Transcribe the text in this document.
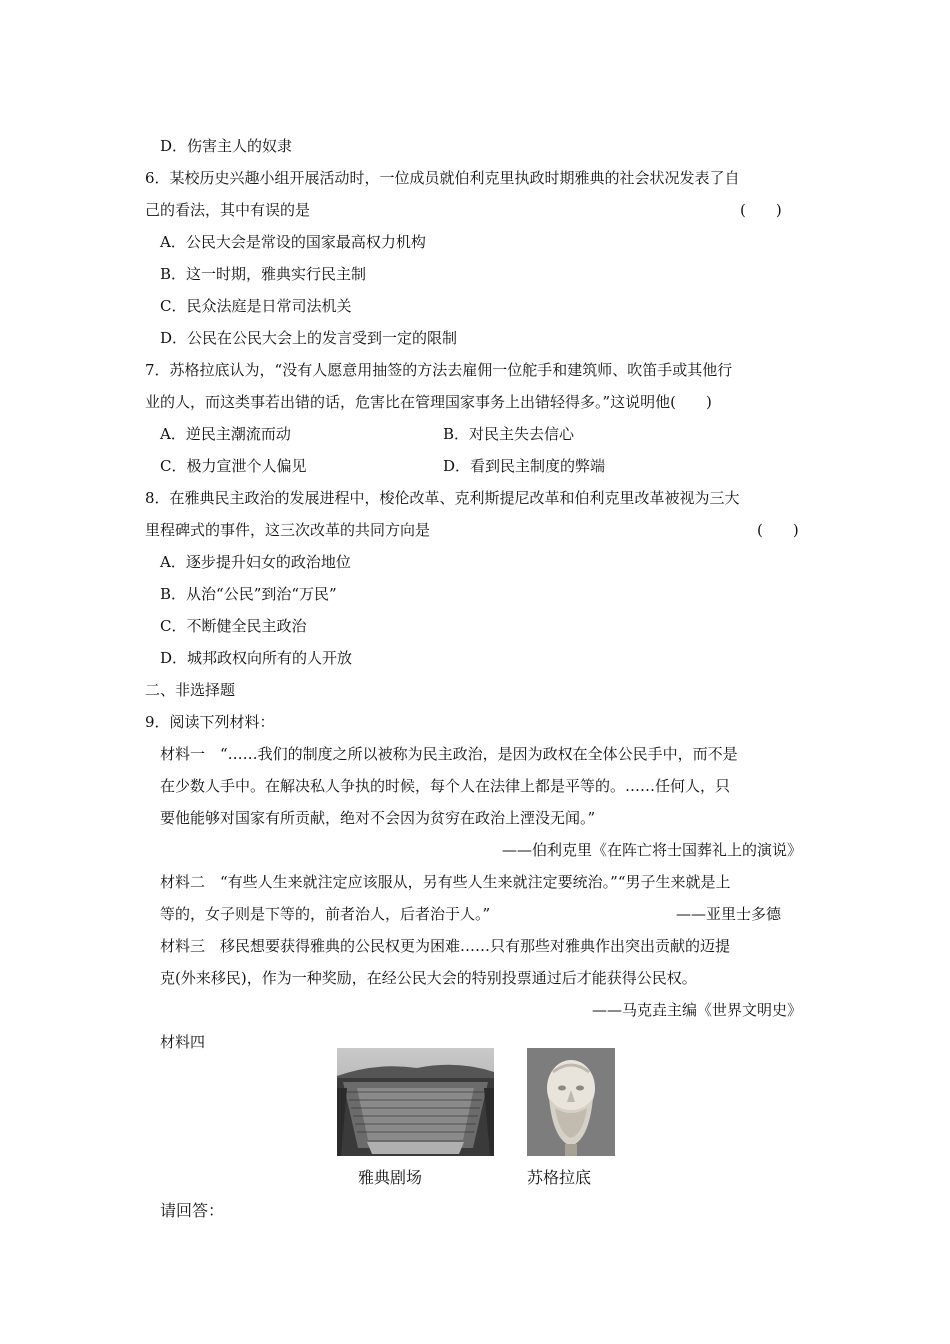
D．伤害主人的奴隶
6．某校历史兴趣小组开展活动时，一位成员就伯利克里执政时期雅典的社会状况发表了自
己的看法，其中有误的是	(　　)
A．公民大会是常设的国家最高权力机构
B．这一时期，雅典实行民主制
C．民众法庭是日常司法机关
D．公民在公民大会上的发言受到一定的限制
7．苏格拉底认为，“没有人愿意用抽签的方法去雇佣一位舵手和建筑师、吹笛手或其他行
业的人，而这类事若出错的话，危害比在管理国家事务上出错轻得多。”这说明他(　　)
A．逆民主潮流而动	B．对民主失去信心
C．极力宣泄个人偏见	D．看到民主制度的弊端
8．在雅典民主政治的发展进程中，梭伦改革、克利斯提尼改革和伯利克里改革被视为三大
里程碑式的事件，这三次改革的共同方向是	(　　)
A．逐步提升妇女的政治地位
B．从治“公民”到治“万民”
C．不断健全民主政治
D．城邦政权向所有的人开放
二、非选择题
9．阅读下列材料：
材料一　“……我们的制度之所以被称为民主政治，是因为政权在全体公民手中，而不是
在少数人手中。在解决私人争执的时候，每个人在法律上都是平等的。……任何人，只
要他能够对国家有所贡献，绝对不会因为贫穷在政治上湮没无闻。”
——伯利克里《在阵亡将士国葬礼上的演说》
材料二　“有些人生来就注定应该服从，另有些人生来就注定要统治。”“男子生来就是上
等的，女子则是下等的，前者治人，后者治于人。”	——亚里士多德
材料三　移民想要获得雅典的公民权更为困难……只有那些对雅典作出突出贡献的迈提
克(外来移民)，作为一种奖励，在经公民大会的特别投票通过后才能获得公民权。
——马克垚主编《世界文明史》
材料四
雅典剧场	苏格拉底
请回答：
